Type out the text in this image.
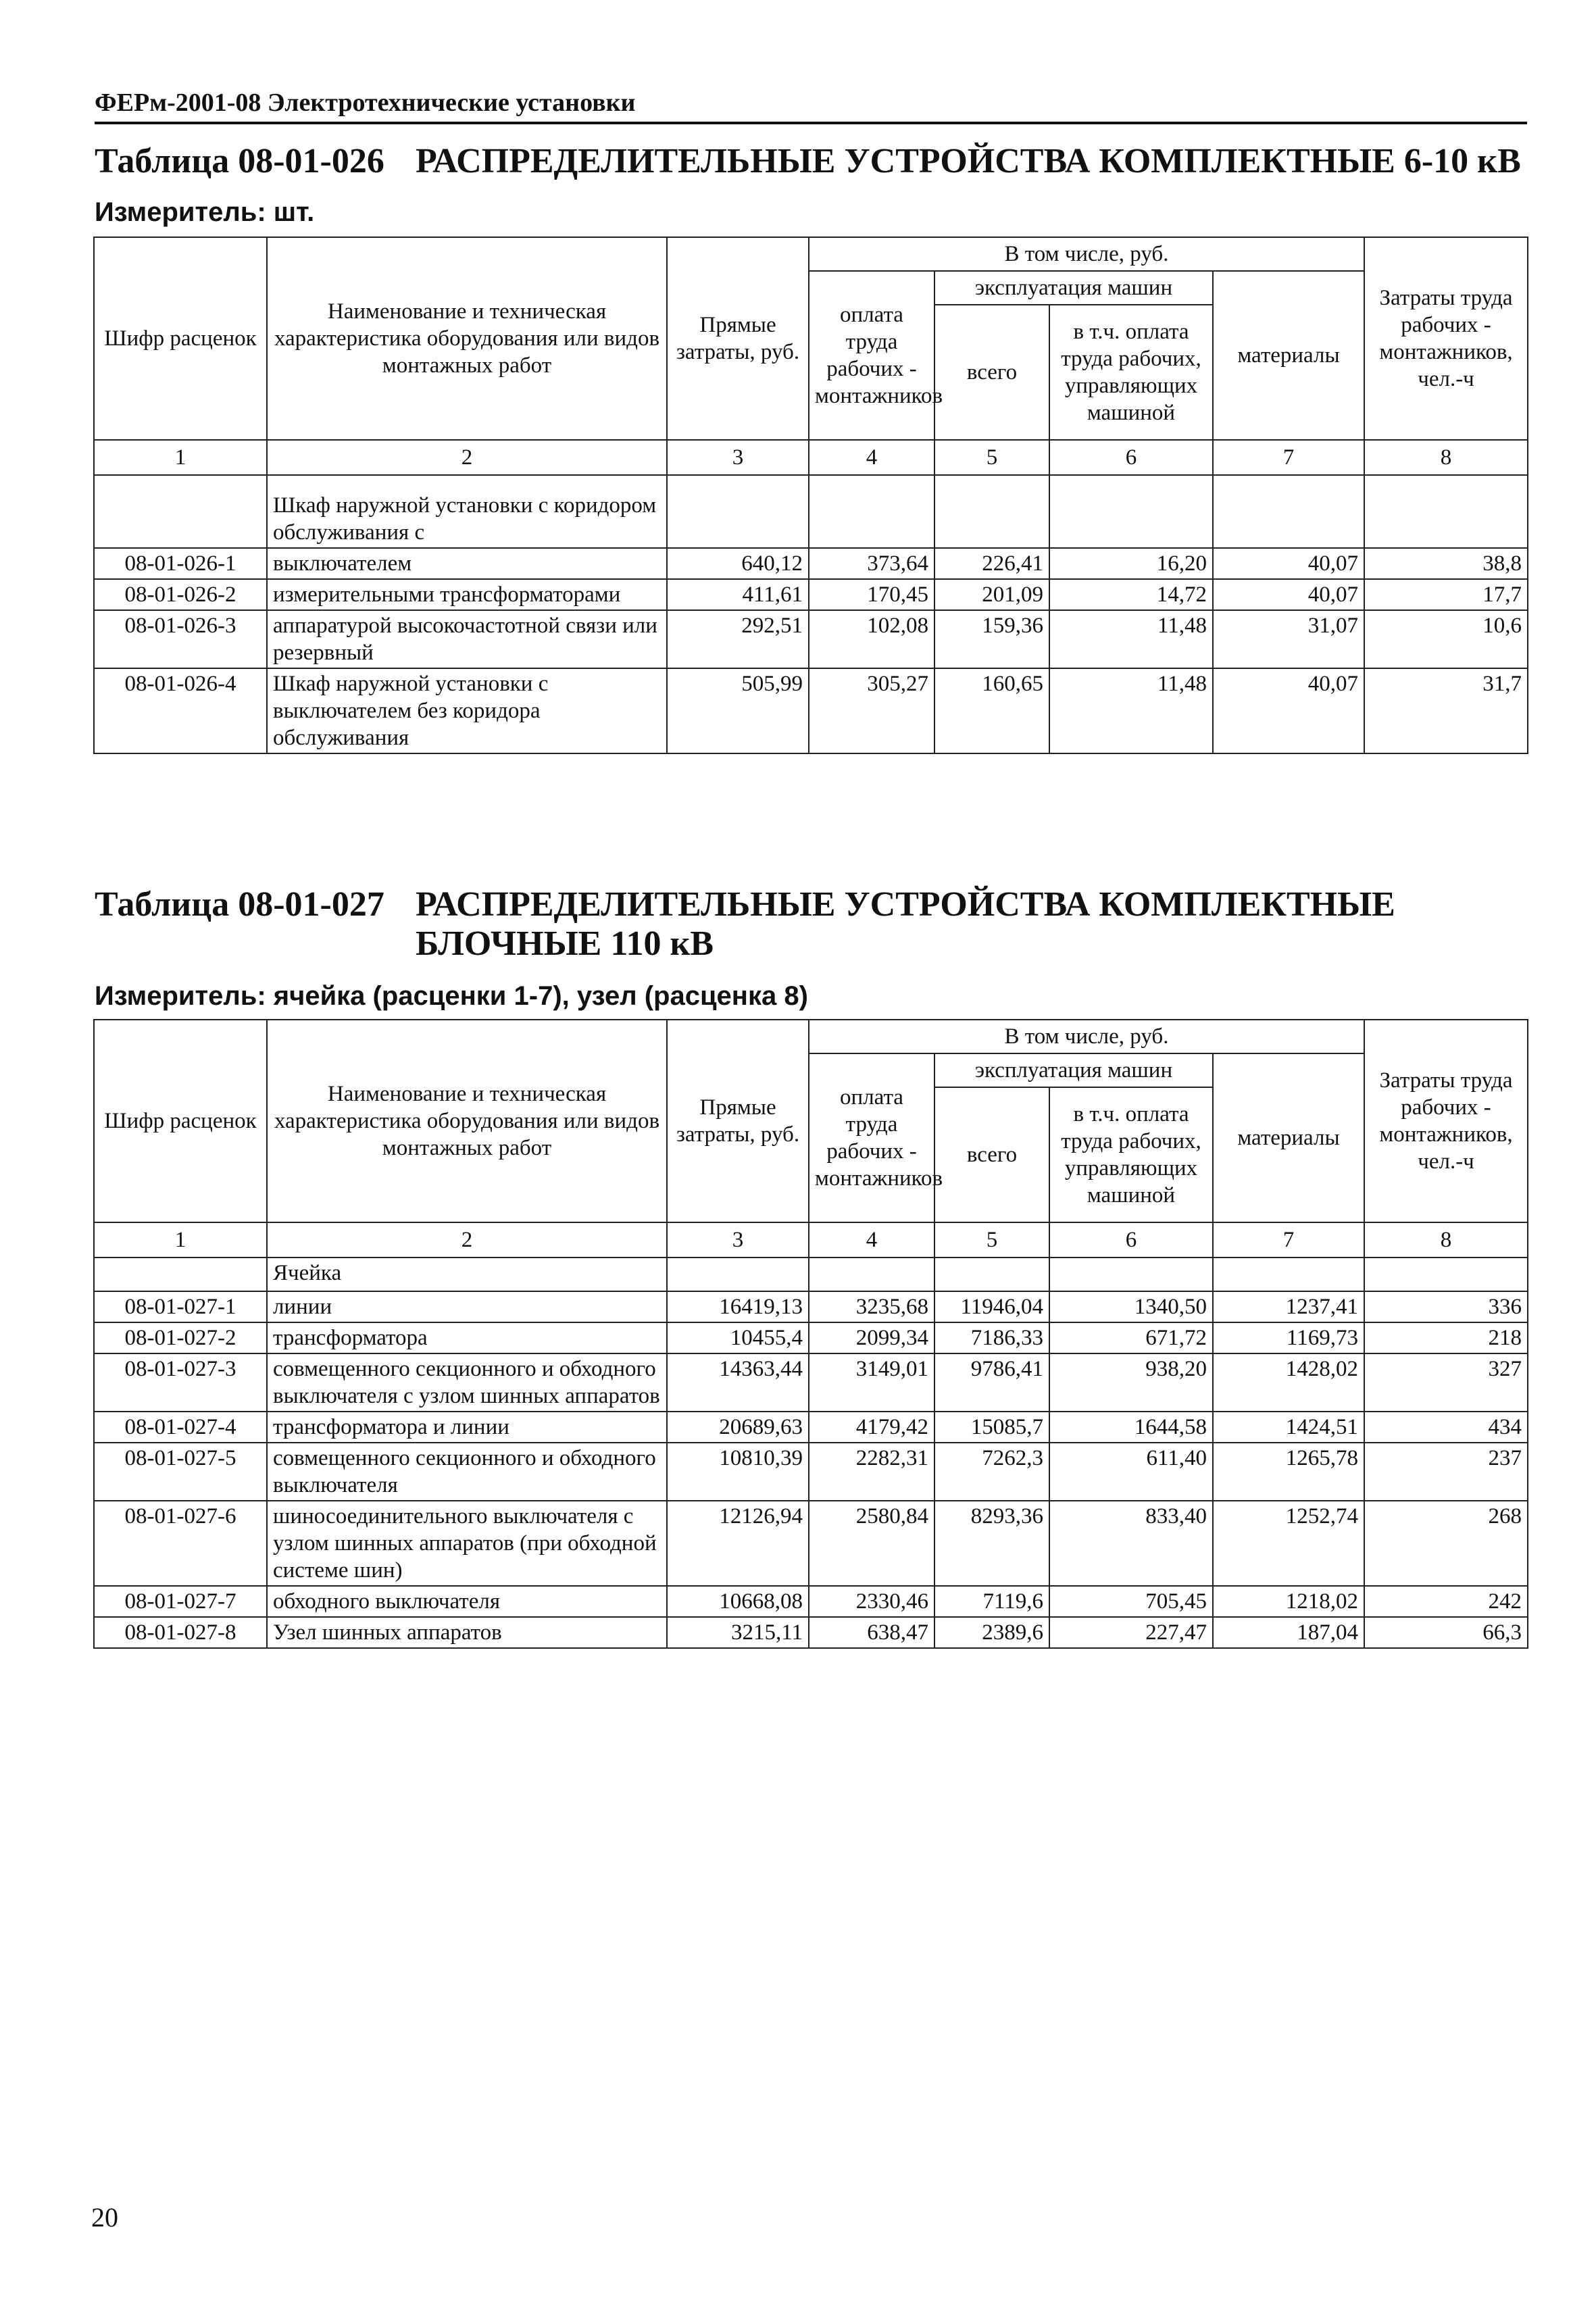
ФЕРм-2001-08 Электротехнические установки
Таблица 08-01-026 РАСПРЕДЕЛИТЕЛЬНЫЕ УСТРОЙСТВА КОМПЛЕКТНЫЕ 6-10 кВ
Измеритель: шт.
Шифр расценок	Наименование и техническая характеристика оборудования или видов монтажных работ	Прямые затраты, руб.	В том числе, руб.				Затраты труда рабочих - монтажников, чел.-ч
			оплата труда рабочих - монтажников	эксплуатация машин		материалы	
				всего	в т.ч. оплата труда рабочих, управляющих машиной		
1	2	3	4	5	6	7	8
	Шкаф наружной установки с коридором обслуживания с						
08-01-026-1	выключателем	640,12	373,64	226,41	16,20	40,07	38,8
08-01-026-2	измерительными трансформаторами	411,61	170,45	201,09	14,72	40,07	17,7
08-01-026-3	аппаратурой высокочастотной связи или резервный	292,51	102,08	159,36	11,48	31,07	10,6
08-01-026-4	Шкаф наружной установки с выключателем без коридора обслуживания	505,99	305,27	160,65	11,48	40,07	31,7
Таблица 08-01-027 РАСПРЕДЕЛИТЕЛЬНЫЕ УСТРОЙСТВА КОМПЛЕКТНЫЕ БЛОЧНЫЕ 110 кВ
Измеритель: ячейка (расценки 1-7), узел (расценка 8)
Шифр расценок	Наименование и техническая характеристика оборудования или видов монтажных работ	Прямые затраты, руб.	В том числе, руб.				Затраты труда рабочих - монтажников, чел.-ч
			оплата труда рабочих - монтажников	эксплуатация машин		материалы	
				всего	в т.ч. оплата труда рабочих, управляющих машиной		
1	2	3	4	5	6	7	8
	Ячейка						
08-01-027-1	линии	16419,13	3235,68	11946,04	1340,50	1237,41	336
08-01-027-2	трансформатора	10455,4	2099,34	7186,33	671,72	1169,73	218
08-01-027-3	совмещенного секционного и обходного выключателя с узлом шинных аппаратов	14363,44	3149,01	9786,41	938,20	1428,02	327
08-01-027-4	трансформатора и линии	20689,63	4179,42	15085,7	1644,58	1424,51	434
08-01-027-5	совмещенного секционного и обходного выключателя	10810,39	2282,31	7262,3	611,40	1265,78	237
08-01-027-6	шиносоединительного выключателя с узлом шинных аппаратов (при обходной системе шин)	12126,94	2580,84	8293,36	833,40	1252,74	268
08-01-027-7	обходного выключателя	10668,08	2330,46	7119,6	705,45	1218,02	242
08-01-027-8	Узел шинных аппаратов	3215,11	638,47	2389,6	227,47	187,04	66,3
20
